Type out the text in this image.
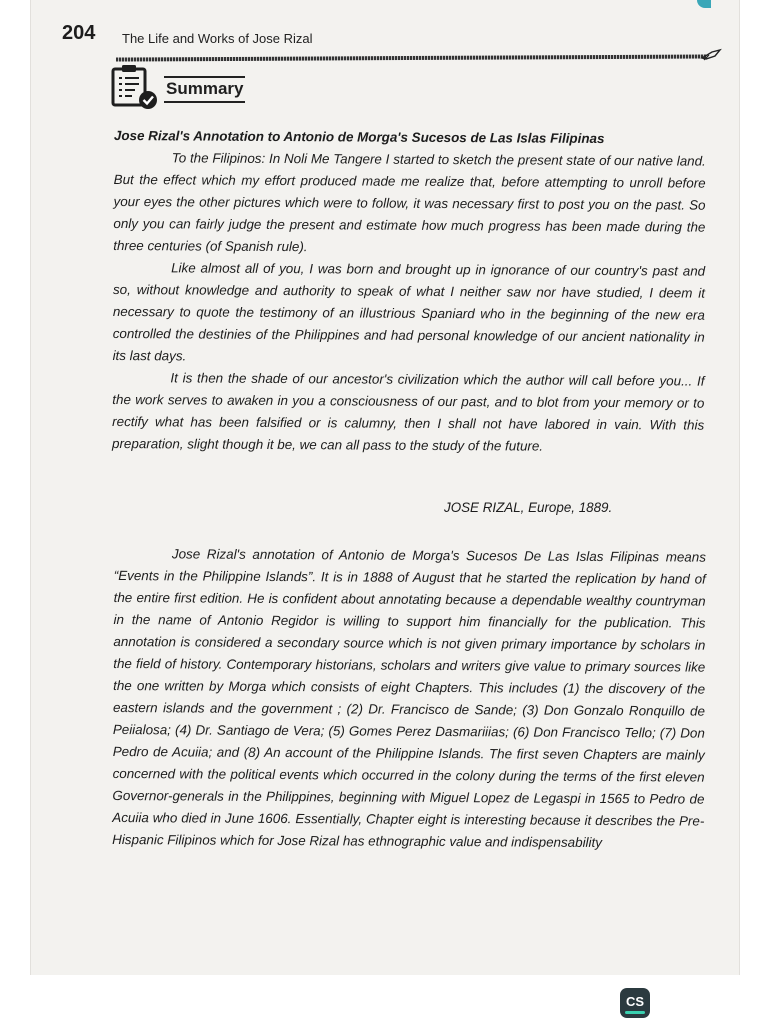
204 The Life and Works of Jose Rizal
Summary
Jose Rizal's Annotation to Antonio de Morga's Sucesos de Las Islas Filipinas

To the Filipinos: In Noli Me Tangere I started to sketch the present state of our native land. But the effect which my effort produced made me realize that, before attempting to unroll before your eyes the other pictures which were to follow, it was necessary first to post you on the past. So only you can fairly judge the present and estimate how much progress has been made during the three centuries (of Spanish rule).

Like almost all of you, I was born and brought up in ignorance of our country's past and so, without knowledge and authority to speak of what I neither saw nor have studied, I deem it necessary to quote the testimony of an illustrious Spaniard who in the beginning of the new era controlled the destinies of the Philippines and had personal knowledge of our ancient nationality in its last days.

It is then the shade of our ancestor's civilization which the author will call before you... If the work serves to awaken in you a consciousness of our past, and to blot from your memory or to rectify what has been falsified or is calumny, then I shall not have labored in vain. With this preparation, slight though it be, we can all pass to the study of the future.

JOSE RIZAL, Europe, 1889.

Jose Rizal's annotation of Antonio de Morga's Sucesos De Las Islas Filipinas means “Events in the Philippine Islands”. It is in 1888 of August that he started the replication by hand of the entire first edition. He is confident about annotating because a dependable wealthy countryman in the name of Antonio Regidor is willing to support him financially for the publication. This annotation is considered a secondary source which is not given primary importance by scholars in the field of history. Contemporary historians, scholars and writers give value to primary sources like the one written by Morga which consists of eight Chapters. This includes (1) the discovery of the eastern islands and the government ; (2) Dr. Francisco de Sande; (3) Don Gonzalo Ronquillo de Peiialosa; (4) Dr. Santiago de Vera; (5) Gomes Perez Dasmariiias; (6) Don Francisco Tello; (7) Don Pedro de Acuiia; and (8) An account of the Philippine Islands. The first seven Chapters are mainly concerned with the political events which occurred in the colony during the terms of the first eleven Governor-generals in the Philippines, beginning with Miguel Lopez de Legaspi in 1565 to Pedro de Acuiia who died in June 1606. Essentially, Chapter eight is interesting because it describes the Pre-Hispanic Filipinos which for Jose Rizal has ethnographic value and indispensability

CS
